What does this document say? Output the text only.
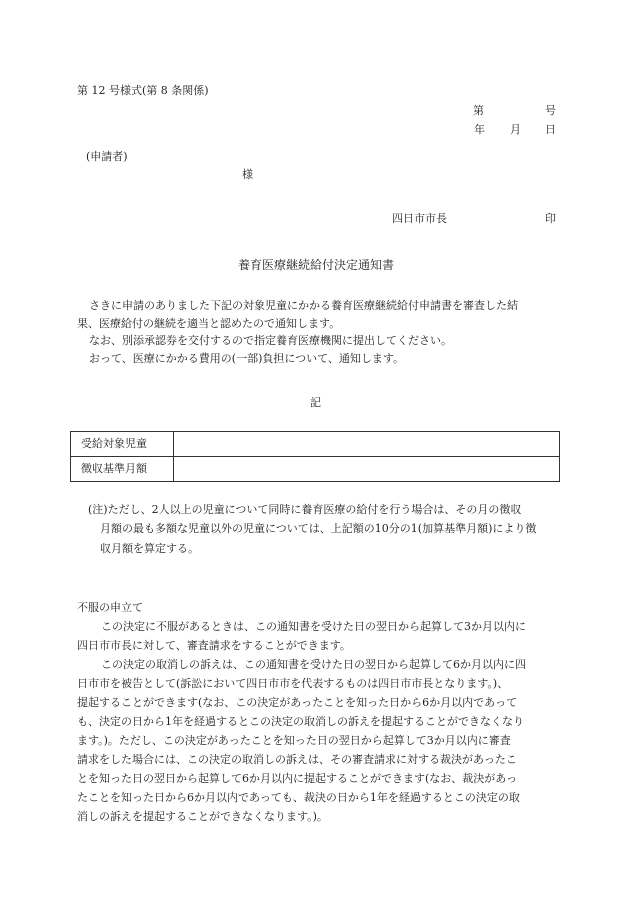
第 12 号様式(第 8 条関係)
第	号
年 月 日
(申請者)
様
四日市市長	印
養育医療継続給付決定通知書
さきに申請のありました下記の対象児童にかかる養育医療継続給付申請書を審査した結
果、医療給付の継続を適当と認めたので通知します。
なお、別添承認券を交付するので指定養育医療機関に提出してください。
おって、医療にかかる費用の(一部)負担について、通知します。
記
受給対象児童	
徴収基準月額	
(注)ただし、2人以上の児童について同時に養育医療の給付を行う場合は、その月の徴収
月額の最も多額な児童以外の児童については、上記額の10分の1(加算基準月額)により徴
収月額を算定する。
不服の申立て
この決定に不服があるときは、この通知書を受けた日の翌日から起算して3か月以内に
四日市市長に対して、審査請求をすることができます。
この決定の取消しの訴えは、この通知書を受けた日の翌日から起算して6か月以内に四
日市市を被告として(訴訟において四日市市を代表するものは四日市市長となります。)、
提起することができます(なお、この決定があったことを知った日から6か月以内であって
も、決定の日から1年を経過するとこの決定の取消しの訴えを提起することができなくなり
ます。)。ただし、この決定があったことを知った日の翌日から起算して3か月以内に審査
請求をした場合には、この決定の取消しの訴えは、その審査請求に対する裁決があったこ
とを知った日の翌日から起算して6か月以内に提起することができます(なお、裁決があっ
たことを知った日から6か月以内であっても、裁決の日から1年を経過するとこの決定の取
消しの訴えを提起することができなくなります。)。
